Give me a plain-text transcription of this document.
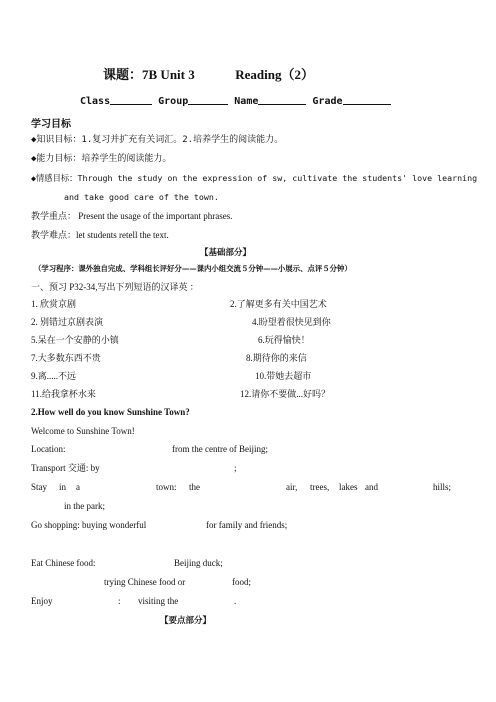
课题：7B Unit 3	Reading（2）
Class	Group	Name	Grade
学习目标
◆知识目标：1.复习并扩充有关词汇。2.培养学生的阅读能力。
◆能力目标：培养学生的阅读能力。
◆情感目标：Through the study on the expression of sw, cultivate the students' love learning
and take good care of the town.
教学重点： Present the usage of the important phrases.
教学难点：let students retell the text.
【基础部分】
（学习程序：课外独自完成、学科组长评好分——课内小组交流５分钟——小展示、点评５分钟）
一、预习 P32-34,写出下列短语的汉译英 ：
1. 欣赏京剧	2.了解更多有关中国艺术
2. 别错过京剧表演	4.盼望着很快见到你
5.呆在一个安静的小镇	6.玩得愉快！
7.大多数东西不贵	8.期待你的来信
9.离.....不远	10.带她去超市
11.给我拿杯水来	12.请你不要做...好吗？
2.How well do you know Sunshine Town?
Welcome to Sunshine Town!
Location:	from the centre of Beijing;
Transport 交通: by	;
Stay in a	town: the	air, trees, lakes and	hills;
in the park;
Go shopping: buying wonderful	for family and friends;
Eat Chinese food:	Beijing duck;
trying Chinese food or	food;
Enjoy	: visiting the	.
【要点部分】
